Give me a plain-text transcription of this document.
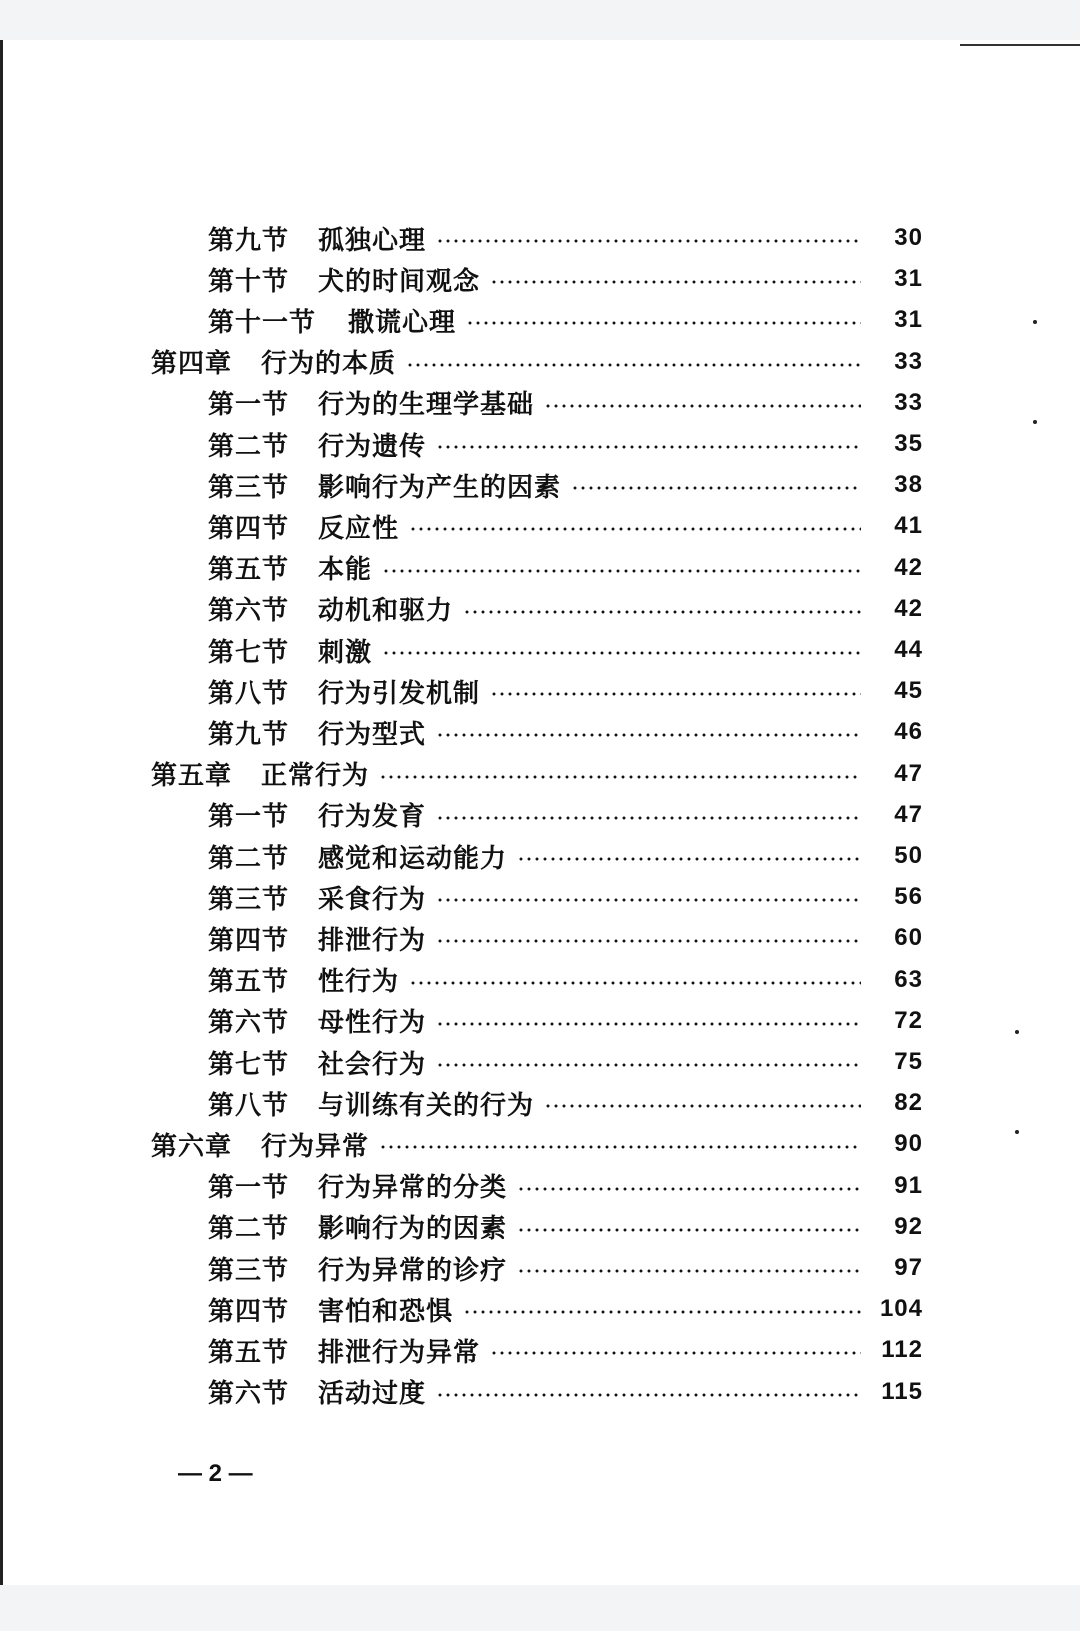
第九节	孤独心理	30
第十节	犬的时间观念	31
第十一节	撒谎心理	31
第四章	行为的本质	33
第一节	行为的生理学基础	33
第二节	行为遗传	35
第三节	影响行为产生的因素	38
第四节	反应性	41
第五节	本能	42
第六节	动机和驱力	42
第七节	刺激	44
第八节	行为引发机制	45
第九节	行为型式	46
第五章	正常行为	47
第一节	行为发育	47
第二节	感觉和运动能力	50
第三节	采食行为	56
第四节	排泄行为	60
第五节	性行为	63
第六节	母性行为	72
第七节	社会行为	75
第八节	与训练有关的行为	82
第六章	行为异常	90
第一节	行为异常的分类	91
第二节	影响行为的因素	92
第三节	行为异常的诊疗	97
第四节	害怕和恐惧	104
第五节	排泄行为异常	112
第六节	活动过度	115
— 2 —
